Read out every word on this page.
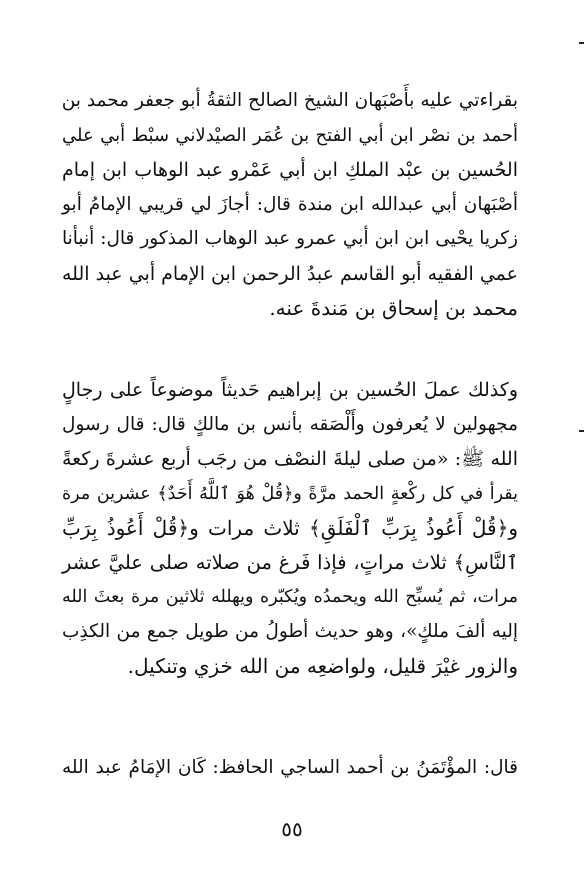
بقراءتي عليه بأَصْبَهان الشيخ الصالح الثقةُ أبو جعفر محمد بن
أحمد بن نصْر ابن أبي الفتح بن عُمَر الصيْدلاني سبْط أبي علي
الحُسين بن عبْد الملكِ ابن أبي عَمْرو عبد الوهاب ابن إمام
أصْبَهان أبي عبدالله ابن مندة قال: أجازَ لي قريبي الإمامُ أبو
زكريا يحْيى ابن ابن أبي عمرو عبد الوهاب المذكور قال: أنبأنا
عمي الفقيه أبو القاسم عبدُ الرحمن ابن الإمام أبي عبد الله
محمد بن إسحاق بن مَندةَ عنه.
وكذلك عملَ الحُسين بن إبراهيم حَديثاً موضوعاً على رجالٍ
مجهولين لا يُعرفون وأَلْصَقه بأنس بن مالكٍ قال: قال رسول
الله ﷺ: «من صلى ليلةَ النصْف من رجَب أربع عشرةَ ركعةً
يقرأ في كل ركْعةٍ الحمد مرَّةً و﴿قُلْ هُوَ ٱللَّهُ أَحَدٌ﴾ عشرين مرة
و﴿قُلْ أَعُوذُ بِرَبِّ ٱلْفَلَقِ﴾ ثلاث مرات و﴿قُلْ أَعُوذُ بِرَبِّ
ٱلنَّاسِ﴾ ثلاث مراتٍ، فإذا فَرغ من صلاته صلى عليَّ عشر
مرات، ثم يُسبِّح الله ويحمدُه ويُكبّره ويهلله ثلاثين مرة بعثَ الله
إليه ألفَ ملكٍ»، وهو حديث أطولُ من طويل جمع من الكذِب
والزور غيْرَ قليل، ولواضعِه من الله خزي وتنكيل.
قال: المؤْتَمَنُ بن أحمد الساجي الحافظ: كَان الإمَامُ عبد الله
٥٥
